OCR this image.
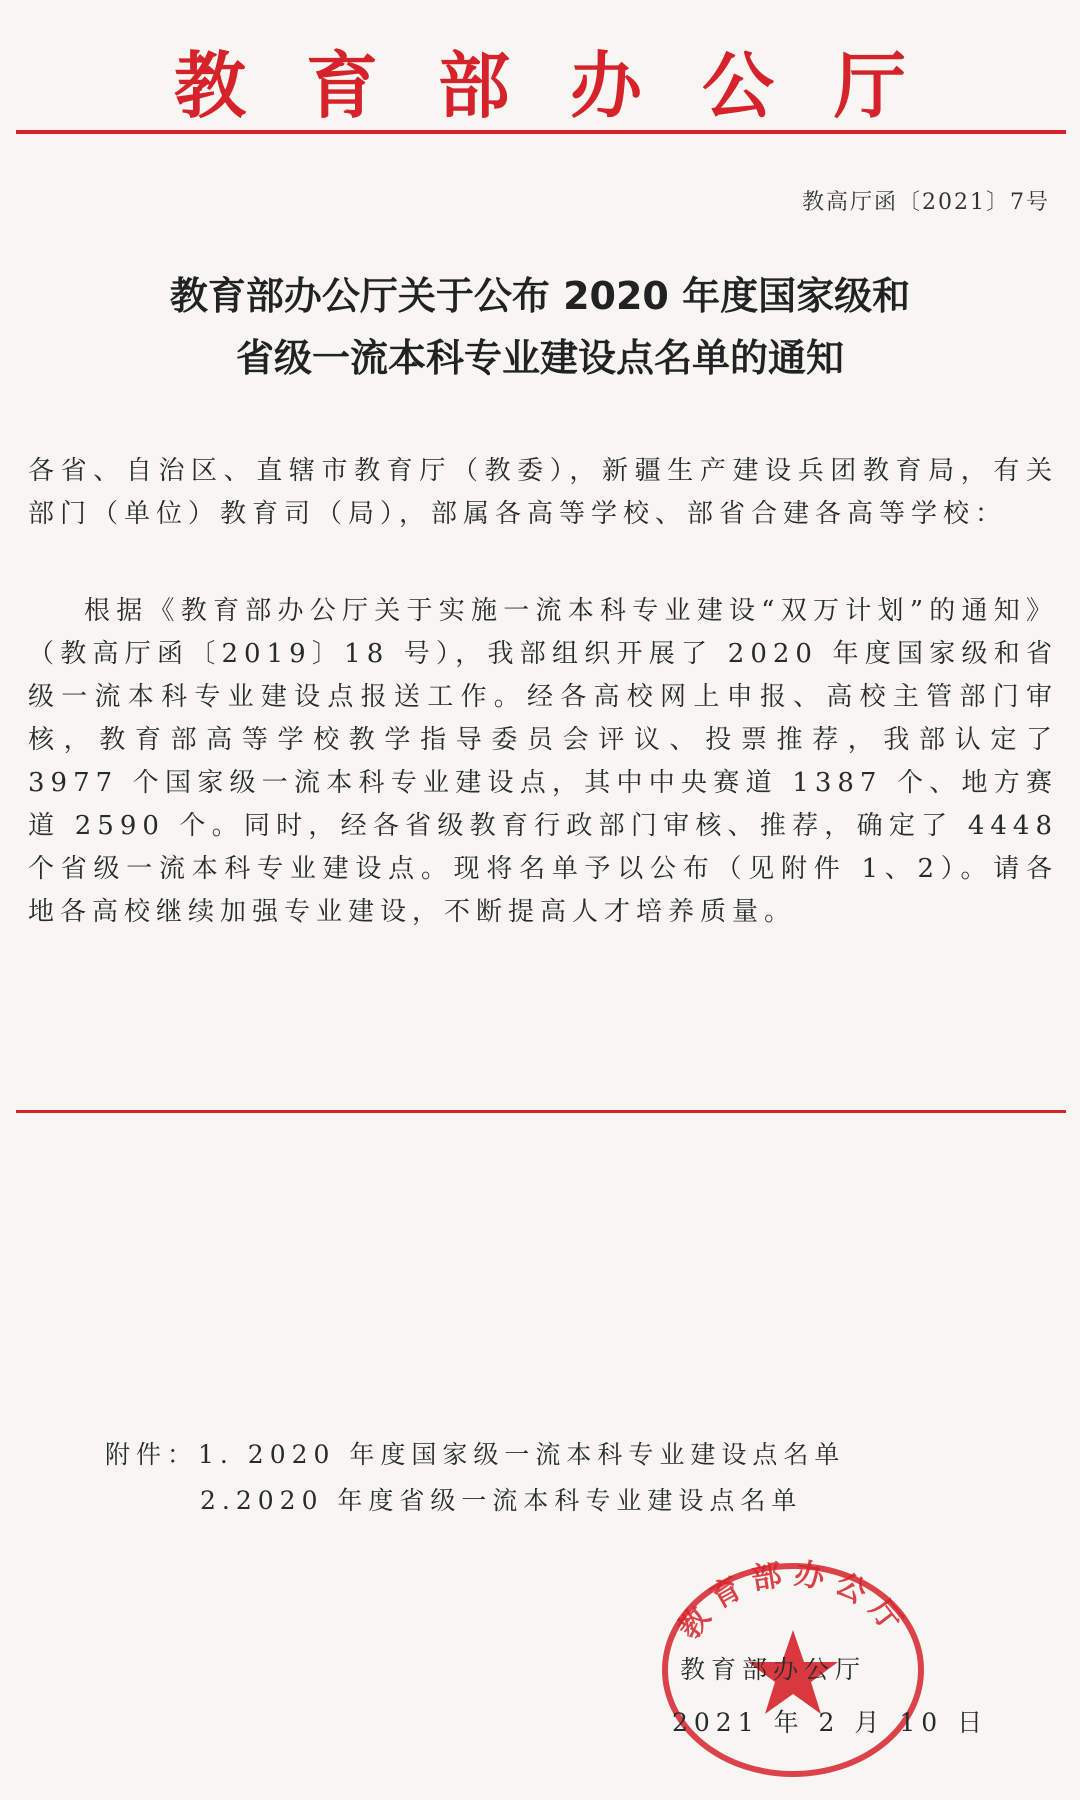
教育部办公厅
教高厅函〔2021〕7号
教育部办公厅关于公布 2020 年度国家级和
省级一流本科专业建设点名单的通知
各省、自治区、直辖市教育厅（教委），新疆生产建设兵团教育局，有关部门（单位）教育司（局），部属各高等学校、部省合建各高等学校：
根据《教育部办公厅关于实施一流本科专业建设“双万计划”的通知》（教高厅函〔2019〕18 号），我部组织开展了 2020 年度国家级和省级一流本科专业建设点报送工作。经各高校网上申报、高校主管部门审核，教育部高等学校教学指导委员会评议、投票推荐，我部认定了 3977 个国家级一流本科专业建设点，其中中央赛道 1387 个、地方赛道 2590 个。同时，经各省级教育行政部门审核、推荐，确定了 4448 个省级一流本科专业建设点。现将名单予以公布（见附件 1、2）。请各地各高校继续加强专业建设，不断提高人才培养质量。
附件：1. 2020 年度国家级一流本科专业建设点名单
2.2020 年度省级一流本科专业建设点名单
教育部办公厅
教育部办公厅
2021 年 2 月 10 日
